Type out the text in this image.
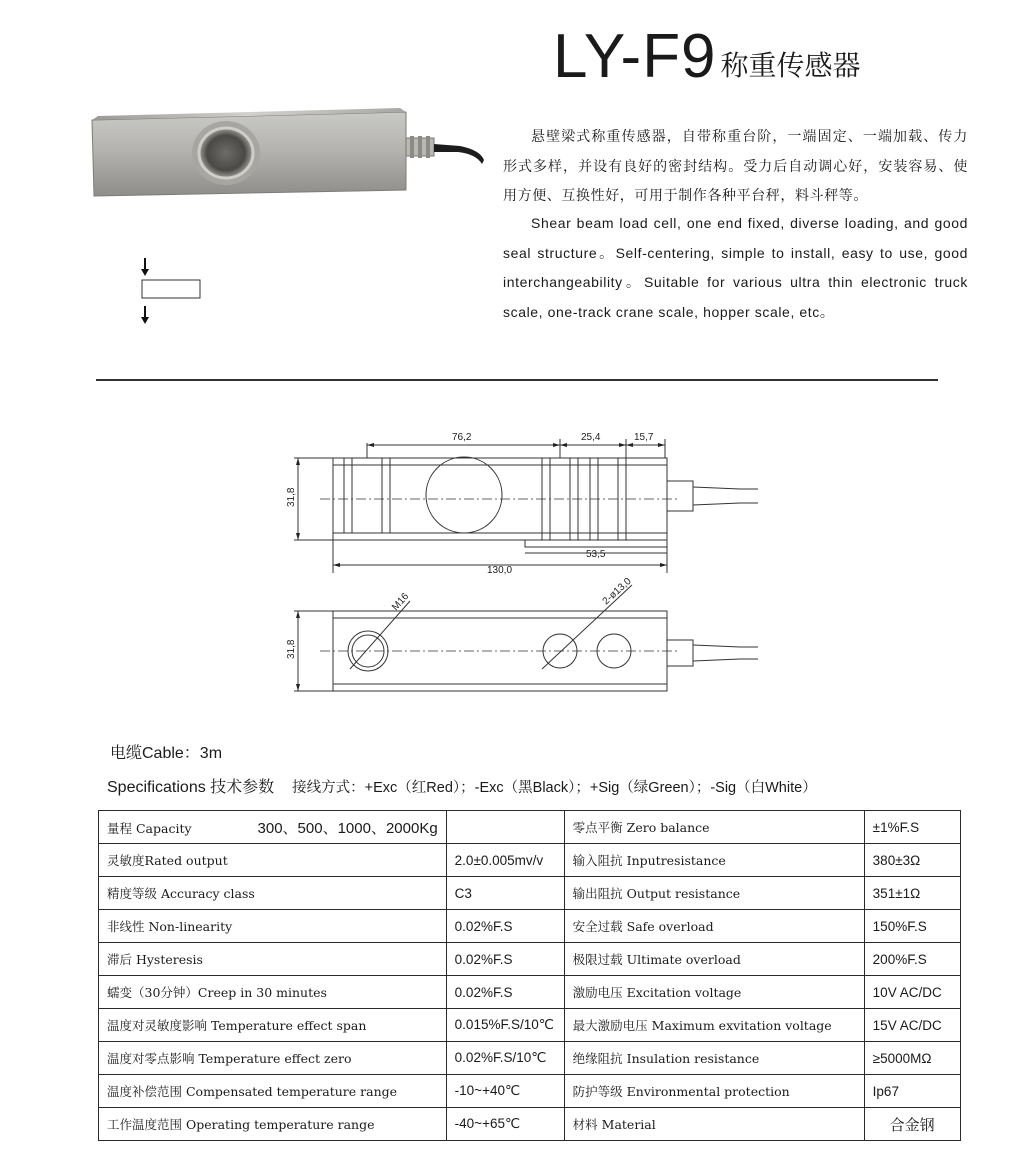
LY-F9 称重传感器

悬壁梁式称重传感器，自带称重台阶，一端固定、一端加载、传力形式多样，并设有良好的密封结构。受力后自动调心好，安装容易、使用方便、互换性好，可用于制作各种平台秤，料斗秤等。

Shear beam load cell, one end fixed, diverse loading, and good seal structure。Self-centering, simple to install, easy to use, good interchangeability。Suitable for various ultra thin electronic truck scale, one-track crane scale, hopper scale, etc。

76,2	25,4	15,7
53,5
130,0
31,8
31,8
M16	2-ø13,0
电缆Cable：3m
Specifications 技术参数 接线方式：+Exc（红Red）；-Exc（黑Black）；+Sig（绿Green）；-Sig（白White）
量程 Capacity 300、500、1000、2000Kg		零点平衡 Zero balance	±1%F.S
灵敏度Rated output	2.0±0.005mv/v	输入阻抗 Inputresistance	380±3Ω
精度等级 Accuracy class	C3	输出阻抗 Output resistance	351±1Ω
非线性 Non-linearity	0.02%F.S	安全过载 Safe overload	150%F.S
滞后 Hysteresis	0.02%F.S	极限过载 Ultimate overload	200%F.S
蠕变（30分钟）Creep in 30 minutes	0.02%F.S	激励电压 Excitation voltage	10V AC/DC
温度对灵敏度影响 Temperature effect span	0.015%F.S/10℃	最大激励电压 Maximum exvitation voltage	15V AC/DC
温度对零点影响 Temperature effect zero	0.02%F.S/10℃	绝缘阻抗 Insulation resistance	≥5000MΩ
温度补偿范围 Compensated temperature range	-10~+40℃	防护等级 Environmental protection	Ip67
工作温度范围 Operating temperature range	-40~+65℃	材料 Material	合金钢
